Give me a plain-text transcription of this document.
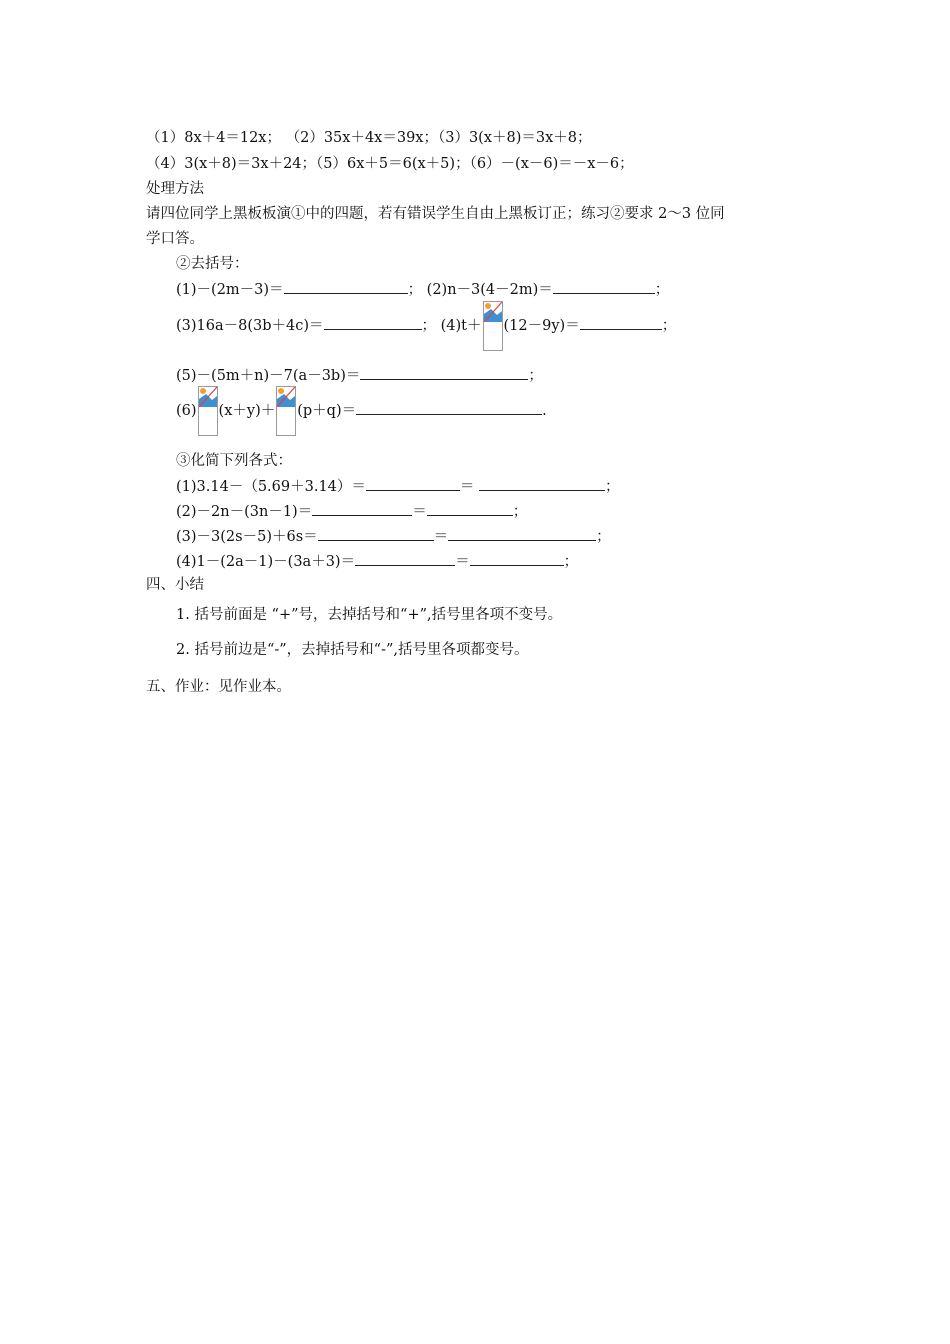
（1）8x＋4＝12x； （2）35x＋4x＝39x；（3）3(x＋8)＝3x＋8；
（4）3(x＋8)＝3x＋24；（5）6x＋5＝6(x＋5)；（6）－(x－6)＝－x－6；
处理方法
请四位同学上黑板板演①中的四题，若有错误学生自由上黑板订正；练习②要求 2～3 位同
学口答。
②去括号：
(1)－(2m－3)＝	； (2)n－3(4－2m)＝	；
(3)16a－8(3b＋4c)＝	； (4)t＋ (12－9y)＝	；
(5)－(5m＋n)－7(a－3b)＝	；
(6) (x＋y)＋ (p＋q)＝	.
③化简下列各式：
(1)3.14－（5.69＋3.14）＝	＝	；
(2)－2n－(3n－1)＝	＝	；
(3)－3(2s－5)＋6s＝	＝	；
(4)1－(2a－1)－(3a＋3)＝	＝	；
四、小结
1. 括号前面是 “+”号，去掉括号和“+”,括号里各项不变号。
2. 括号前边是“-”，去掉括号和“-”,括号里各项都变号。
五、作业：见作业本。
